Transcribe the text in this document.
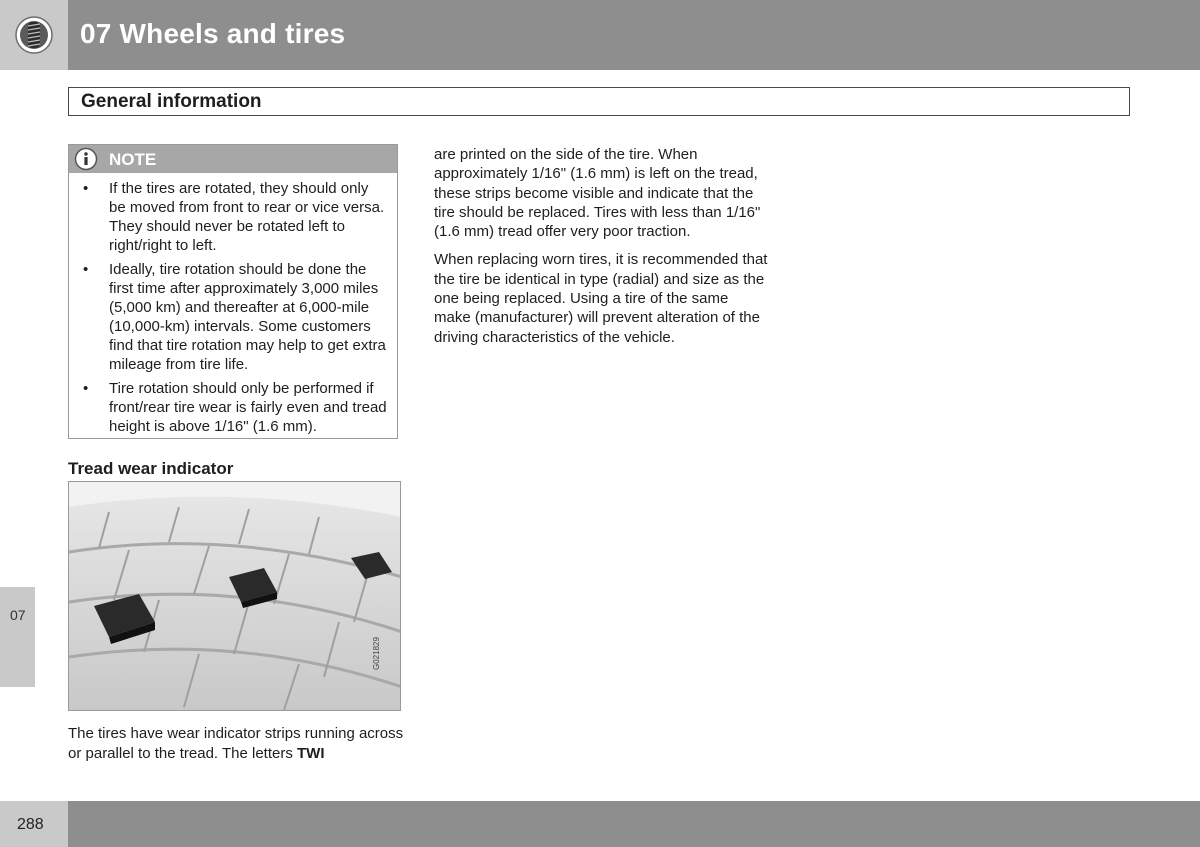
07 Wheels and tires
General information
NOTE
• If the tires are rotated, they should only be moved from front to rear or vice versa. They should never be rotated left to right/right to left.
• Ideally, tire rotation should be done the first time after approximately 3,000 miles (5,000 km) and thereafter at 6,000-mile (10,000-km) intervals. Some customers find that tire rotation may help to get extra mileage from tire life.
• Tire rotation should only be performed if front/rear tire wear is fairly even and tread height is above 1/16" (1.6 mm).
Tread wear indicator
G021829
The tires have wear indicator strips running across or parallel to the tread. The letters TWI

are printed on the side of the tire. When approximately 1/16" (1.6 mm) is left on the tread, these strips become visible and indicate that the tire should be replaced. Tires with less than 1/16" (1.6 mm) tread offer very poor traction.

When replacing worn tires, it is recommended that the tire be identical in type (radial) and size as the one being replaced. Using a tire of the same make (manufacturer) will prevent alteration of the driving characteristics of the vehicle.

07
288
